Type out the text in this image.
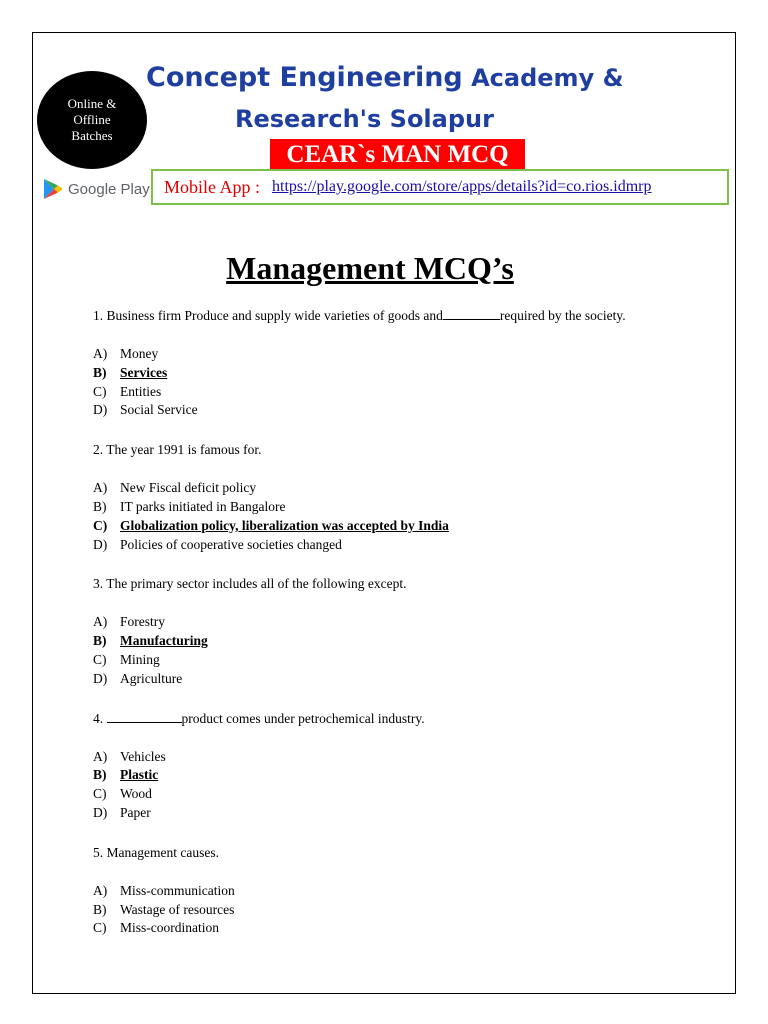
Online &
Offline
Batches
Concept Engineering Academy &
Research's Solapur
CEAR`s MAN MCQ
Google Play Mobile App : https://play.google.com/store/apps/details?id=co.rios.idmrp
Management MCQ’s

1. Business firm Produce and supply wide varieties of goods and	required by the society.

A) Money
B) Services
C) Entities
D) Social Service

2. The year 1991 is famous for.

A) New Fiscal deficit policy
B) IT parks initiated in Bangalore
C) Globalization policy, liberalization was accepted by India
D) Policies of cooperative societies changed

3. The primary sector includes all of the following except.

A) Forestry
B) Manufacturing
C) Mining
D) Agriculture

4.	product comes under petrochemical industry.

A) Vehicles
B) Plastic
C) Wood
D) Paper

5. Management causes.

A) Miss-communication
B) Wastage of resources
C) Miss-coordination
